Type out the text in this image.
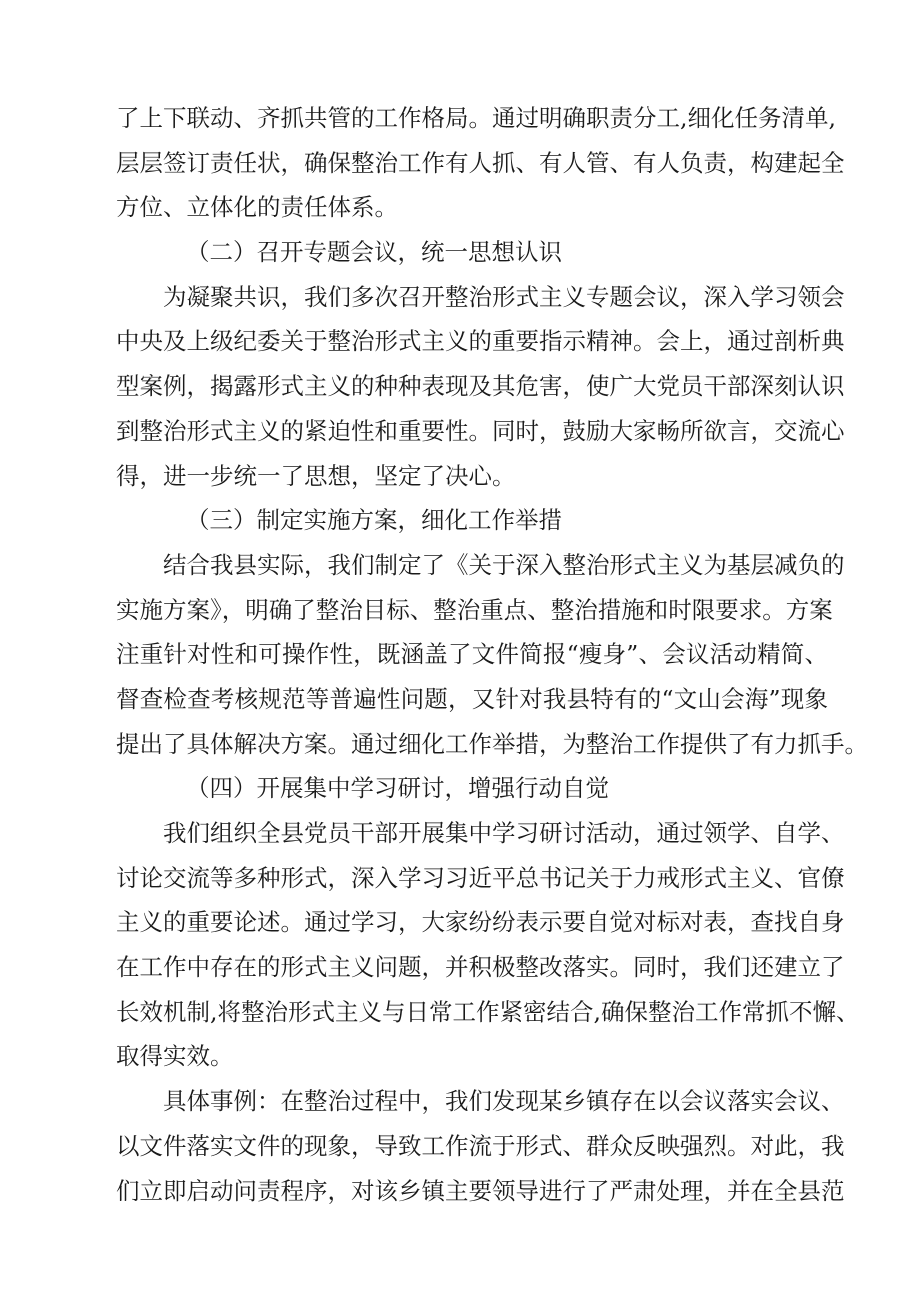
了上下联动、齐抓共管的工作格局。通过明确职责分工,细化任务清单,
层层签订责任状，确保整治工作有人抓、有人管、有人负责，构建起全
方位、立体化的责任体系。
（二）召开专题会议，统一思想认识
为凝聚共识，我们多次召开整治形式主义专题会议，深入学习领会
中央及上级纪委关于整治形式主义的重要指示精神。会上，通过剖析典
型案例，揭露形式主义的种种表现及其危害，使广大党员干部深刻认识
到整治形式主义的紧迫性和重要性。同时，鼓励大家畅所欲言，交流心
得，进一步统一了思想，坚定了决心。
（三）制定实施方案，细化工作举措
结合我县实际，我们制定了《关于深入整治形式主义为基层减负的
实施方案》，明确了整治目标、整治重点、整治措施和时限要求。方案
注重针对性和可操作性，既涵盖了文件简报“瘦身”、会议活动精简、
督查检查考核规范等普遍性问题，又针对我县特有的“文山会海”现象
提出了具体解决方案。通过细化工作举措，为整治工作提供了有力抓手。
（四）开展集中学习研讨，增强行动自觉
我们组织全县党员干部开展集中学习研讨活动，通过领学、自学、
讨论交流等多种形式，深入学习习近平总书记关于力戒形式主义、官僚
主义的重要论述。通过学习，大家纷纷表示要自觉对标对表，查找自身
在工作中存在的形式主义问题，并积极整改落实。同时，我们还建立了
长效机制,将整治形式主义与日常工作紧密结合,确保整治工作常抓不懈、
取得实效。
具体事例：在整治过程中，我们发现某乡镇存在以会议落实会议、
以文件落实文件的现象，导致工作流于形式、群众反映强烈。对此，我
们立即启动问责程序，对该乡镇主要领导进行了严肃处理，并在全县范
